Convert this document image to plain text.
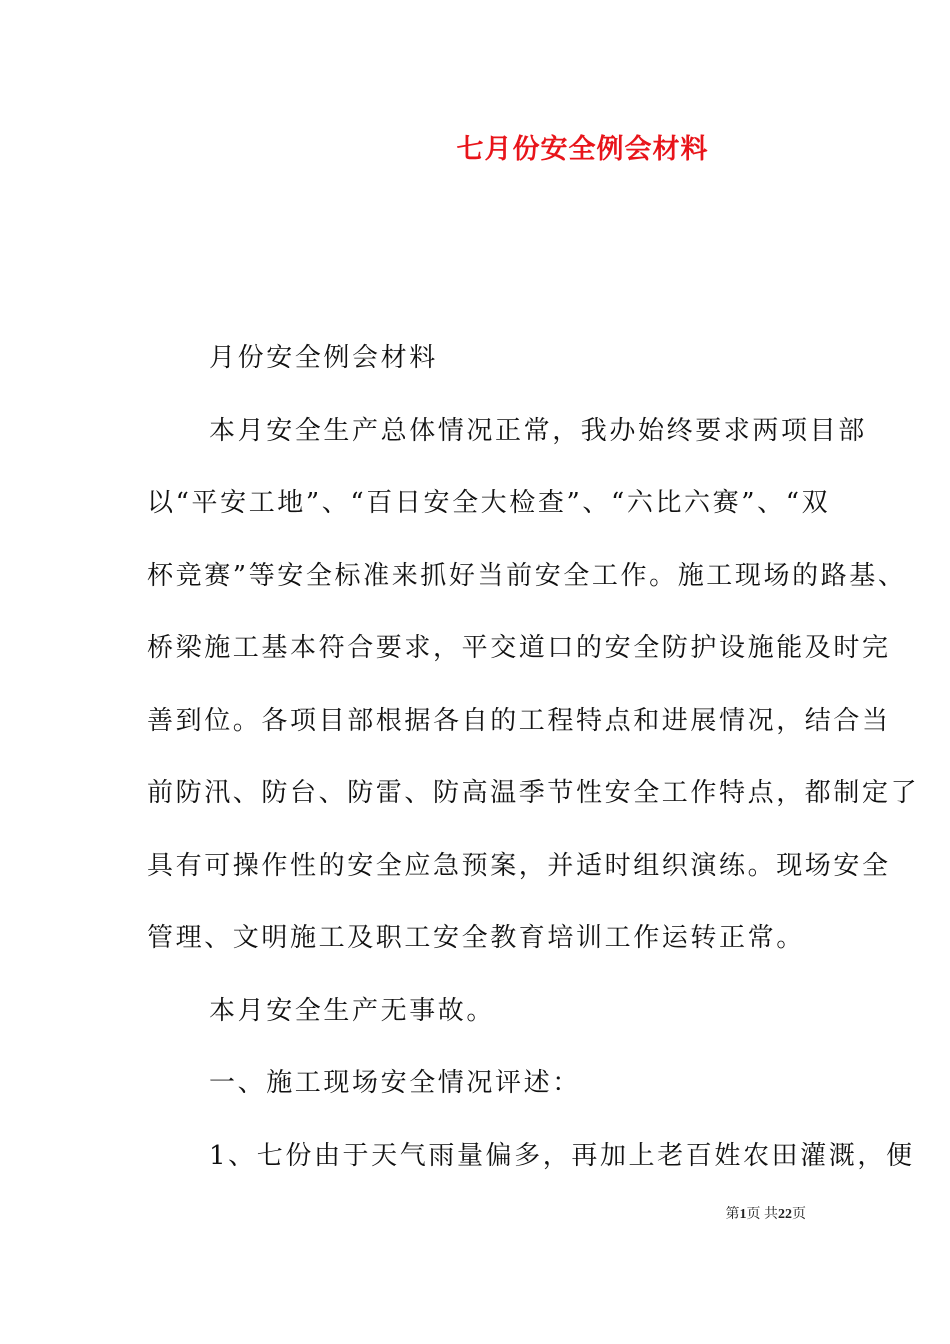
七月份安全例会材料
月份安全例会材料
本月安全生产总体情况正常，我办始终要求两项目部
以“平安工地”、“百日安全大检查”、“六比六赛”、“双
杯竞赛”等安全标准来抓好当前安全工作。施工现场的路基、
桥梁施工基本符合要求，平交道口的安全防护设施能及时完
善到位。各项目部根据各自的工程特点和进展情况，结合当
前防汛、防台、防雷、防高温季节性安全工作特点，都制定了
具有可操作性的安全应急预案，并适时组织演练。现场安全
管理、文明施工及职工安全教育培训工作运转正常。
本月安全生产无事故。
一、施工现场安全情况评述：
1、七份由于天气雨量偏多，再加上老百姓农田灌溉，便
第1页 共22页
